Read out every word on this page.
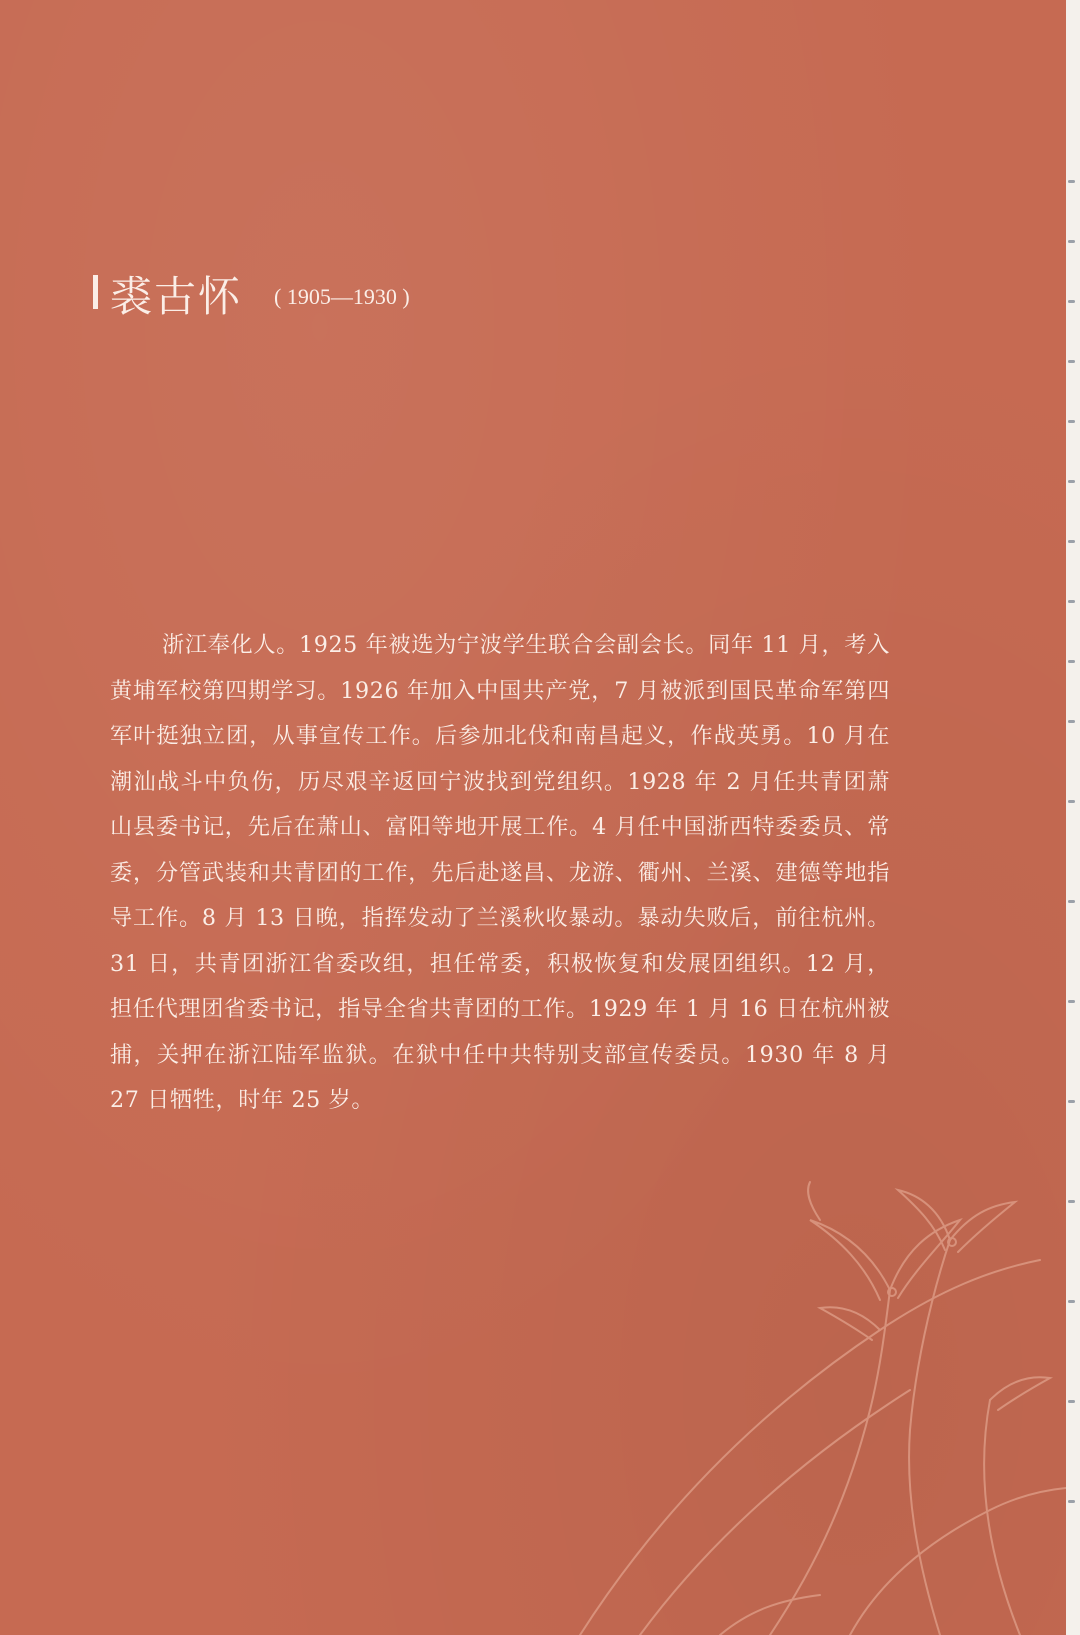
裘古怀 ( 1905—1930 )
浙江奉化人。1925 年被选为宁波学生联合会副会长。同年 11 月，考入黄埔军校第四期学习。1926 年加入中国共产党，7 月被派到国民革命军第四军叶挺独立团，从事宣传工作。后参加北伐和南昌起义，作战英勇。10 月在潮汕战斗中负伤，历尽艰辛返回宁波找到党组织。1928 年 2 月任共青团萧山县委书记，先后在萧山、富阳等地开展工作。4 月任中国浙西特委委员、常委，分管武装和共青团的工作，先后赴遂昌、龙游、衢州、兰溪、建德等地指导工作。8 月 13 日晚，指挥发动了兰溪秋收暴动。暴动失败后，前往杭州。31 日，共青团浙江省委改组，担任常委，积极恢复和发展团组织。12 月，担任代理团省委书记，指导全省共青团的工作。1929 年 1 月 16 日在杭州被捕，关押在浙江陆军监狱。在狱中任中共特别支部宣传委员。1930 年 8 月 27 日牺牲，时年 25 岁。
